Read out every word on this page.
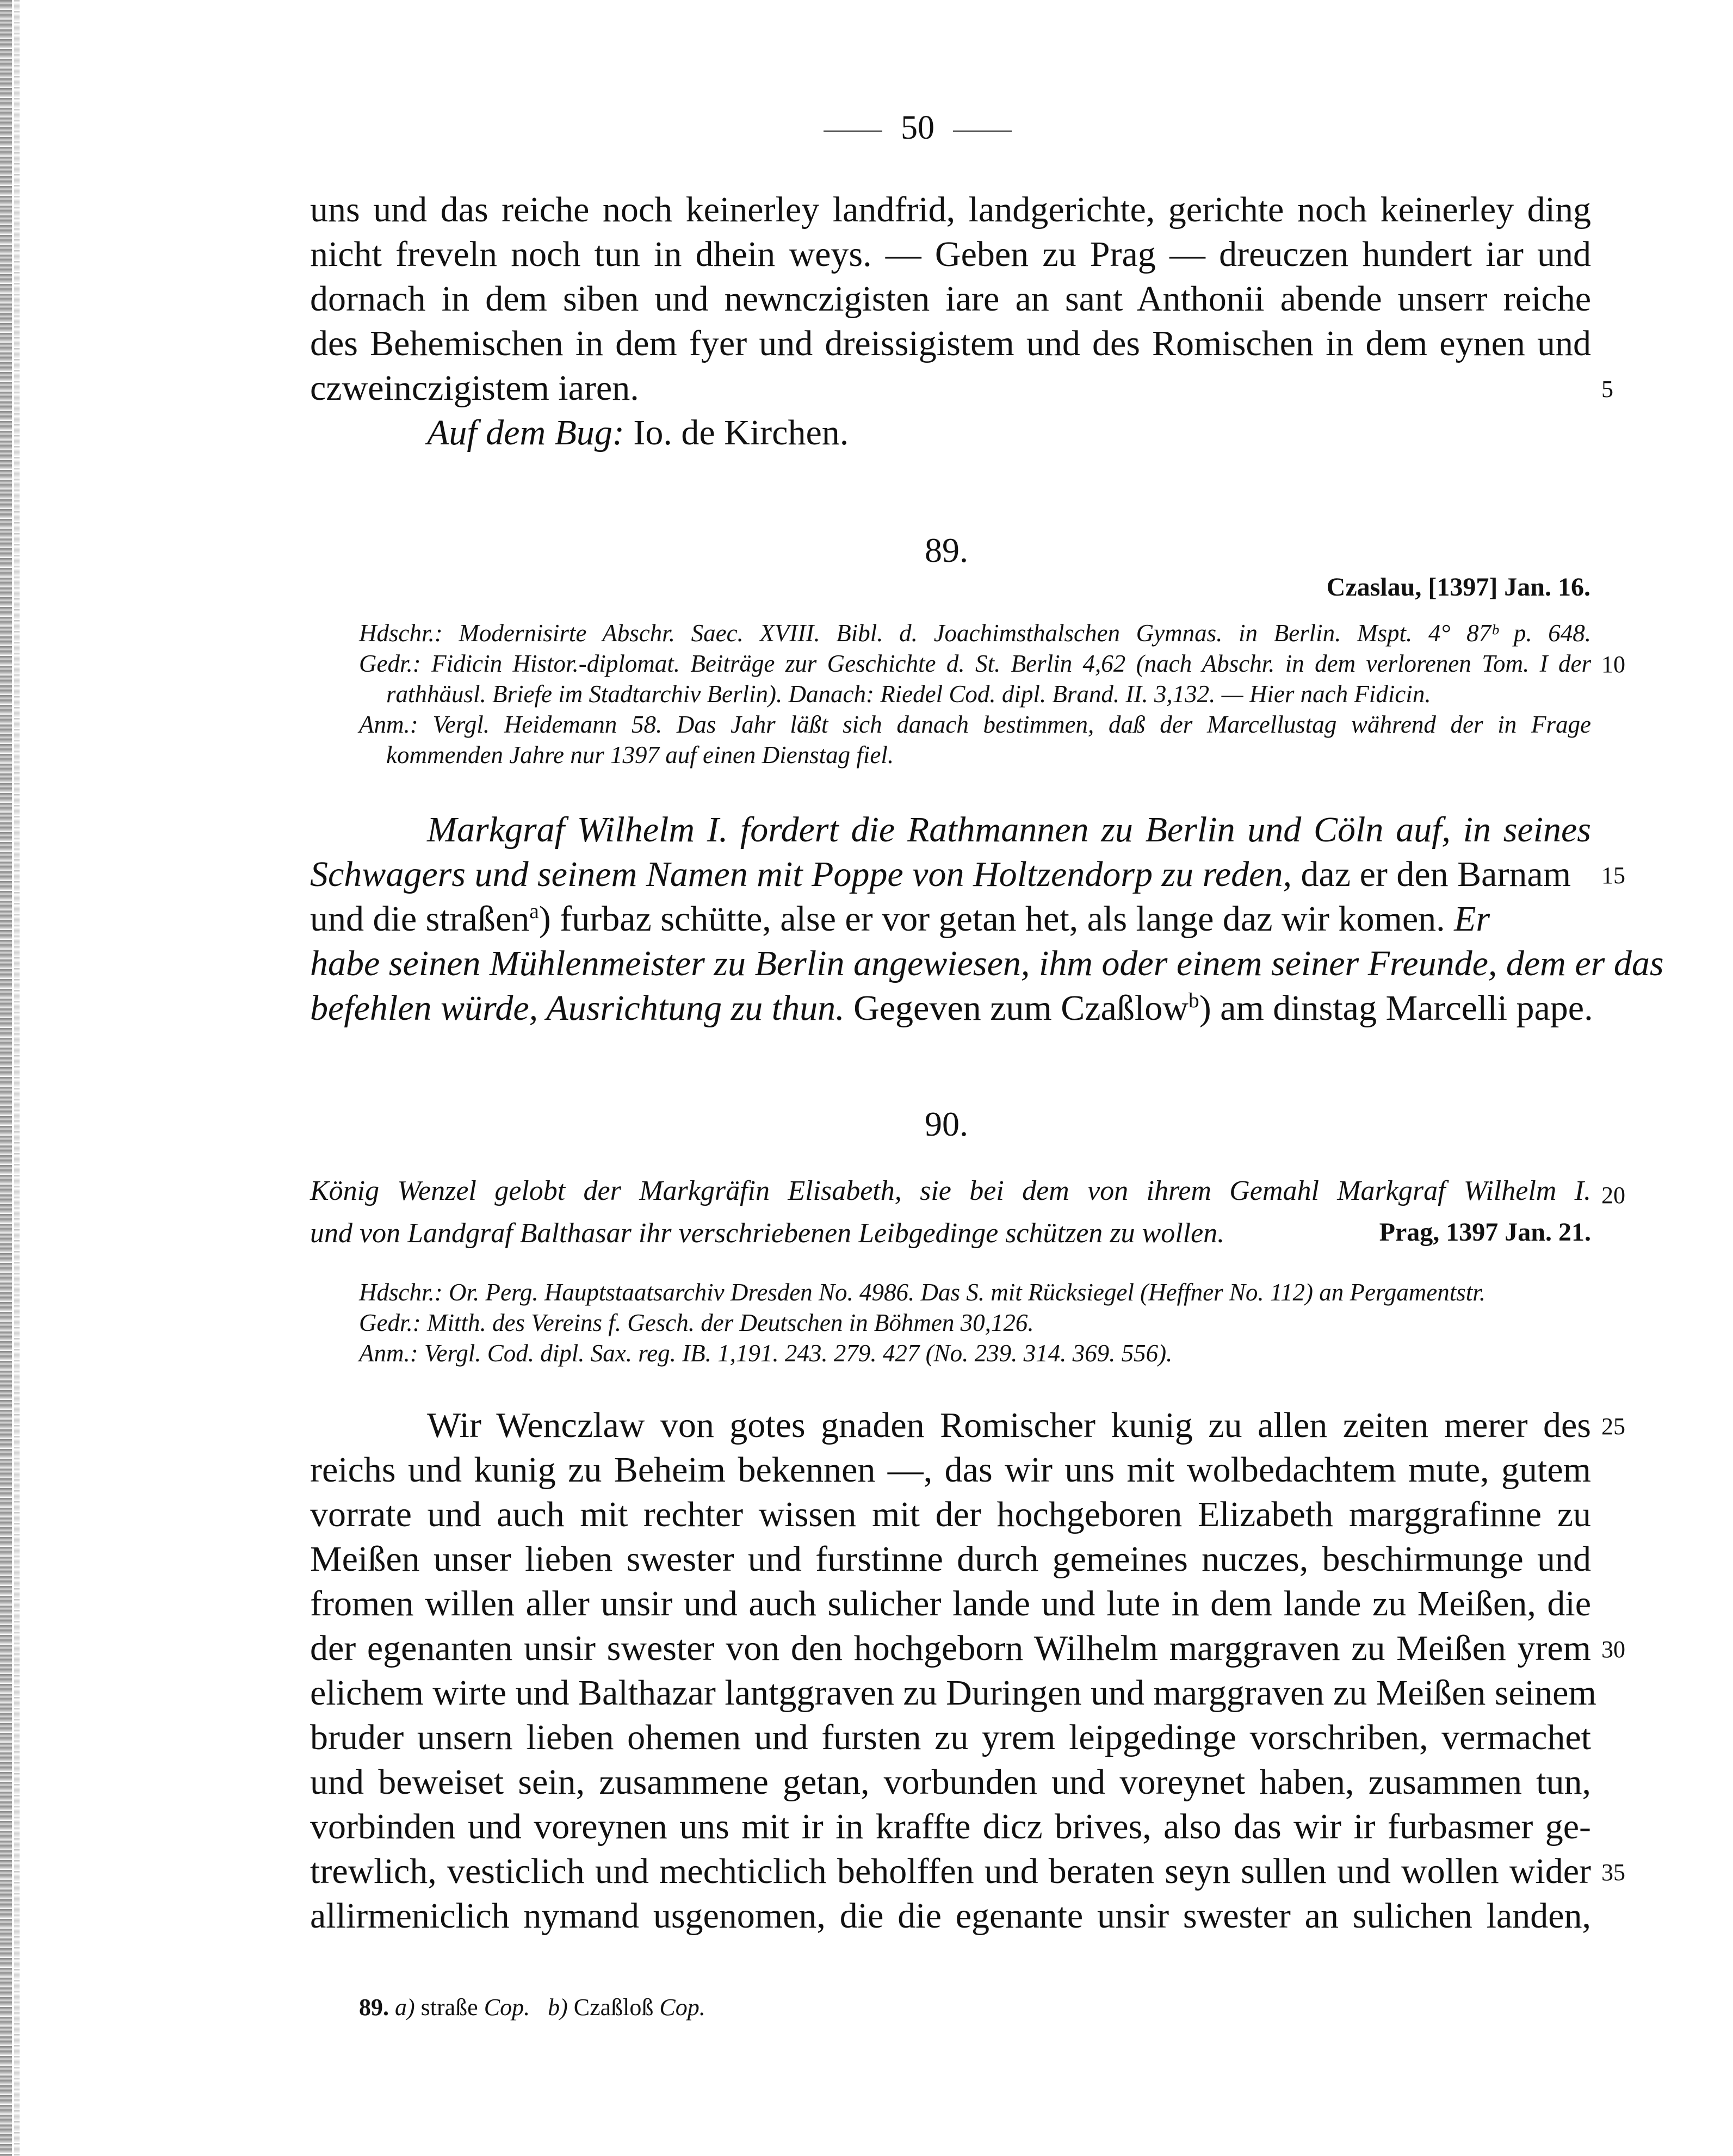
50
uns und das reiche noch keinerley landfrid, landgerichte, gerichte noch keinerley ding
nicht freveln noch tun in dhein weys. — Geben zu Prag — dreuczen hundert iar und
dornach in dem siben und newnczigisten iare an sant Anthonii abende unserr reiche
des Behemischen in dem fyer und dreissigistem und des Romischen in dem eynen und
czweinczigistem iaren.	5
Auf dem Bug: Io. de Kirchen.
89.
Czaslau, [1397] Jan. 16.
Hdschr.: Modernisirte Abschr. Saec. XVIII. Bibl. d. Joachimsthalschen Gymnas. in Berlin. Mspt. 4° 87ᵇ p. 648.
Gedr.: Fidicin Histor.-diplomat. Beiträge zur Geschichte d. St. Berlin 4,62 (nach Abschr. in dem verlorenen Tom. I der 10
rathhäusl. Briefe im Stadtarchiv Berlin). Danach: Riedel Cod. dipl. Brand. II. 3,132. — Hier nach Fidicin.
Anm.: Vergl. Heidemann 58. Das Jahr läßt sich danach bestimmen, daß der Marcellustag während der in Frage
kommenden Jahre nur 1397 auf einen Dienstag fiel.
Markgraf Wilhelm I. fordert die Rathmannen zu Berlin und Cöln auf, in seines
Schwagers und seinem Namen mit Poppe von Holtzendorp zu reden, daz er den Barnam 15
und die straßen$^a$) furbaz schütte, alse er vor getan het, als lange daz wir komen. Er
habe seinen Mühlenmeister zu Berlin angewiesen, ihm oder einem seiner Freunde, dem er das
befehlen würde, Ausrichtung zu thun. Gegeven zum Czaßlow$^b$) am dinstag Marcelli pape.
90.
König Wenzel gelobt der Markgräfin Elisabeth, sie bei dem von ihrem Gemahl Markgraf Wilhelm I. 20
und von Landgraf Balthasar ihr verschriebenen Leibgedinge schützen zu wollen.	Prag, 1397 Jan. 21.
Hdschr.: Or. Perg. Hauptstaatsarchiv Dresden No. 4986. Das S. mit Rücksiegel (Heffner No. 112) an Pergamentstr.
Gedr.: Mitth. des Vereins f. Gesch. der Deutschen in Böhmen 30,126.
Anm.: Vergl. Cod. dipl. Sax. reg. IB. 1,191. 243. 279. 427 (No. 239. 314. 369. 556).
Wir Wenczlaw von gotes gnaden Romischer kunig zu allen zeiten merer des 25
reichs und kunig zu Beheim bekennen —, das wir uns mit wolbedachtem mute, gutem
vorrate und auch mit rechter wissen mit der hochgeboren Elizabeth marggrafinne zu
Meißen unser lieben swester und furstinne durch gemeines nuczes, beschirmunge und
fromen willen aller unsir und auch sulicher lande und lute in dem lande zu Meißen, die
der egenanten unsir swester von den hochgeborn Wilhelm marggraven zu Meißen yrem 30
elichem wirte und Balthazar lantggraven zu Duringen und marggraven zu Meißen seinem
bruder unsern lieben ohemen und fursten zu yrem leipgedinge vorschriben, vermachet
und beweiset sein, zusammene getan, vorbunden und voreynet haben, zusammen tun,
vorbinden und voreynen uns mit ir in kraffte dicz brives, also das wir ir furbasmer ge-
trewlich, vesticlich und mechticlich beholffen und beraten seyn sullen und wollen wider 35
allirmeniclich nymand usgenomen, die die egenante unsir swester an sulichen landen,
89. a) straße Cop. b) Czaßloß Cop.
